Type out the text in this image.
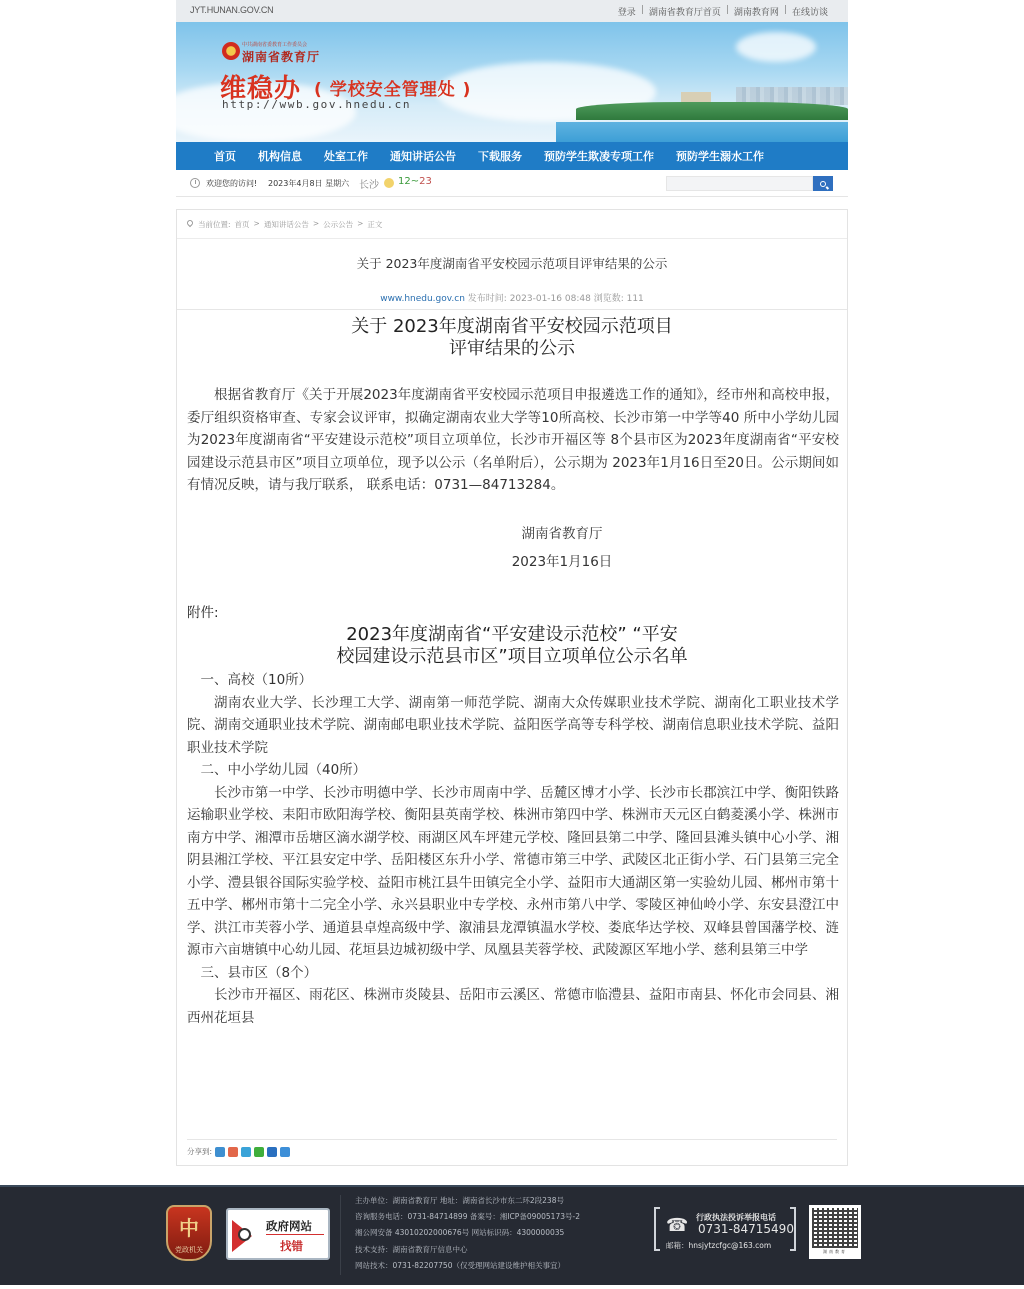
JYT.HUNAN.GOV.CN	登录 | 湖南省教育厅首页 | 湖南教育网 | 在线访谈
中共湖南省委教育工作委员会
湖南省教育厅
维稳办 ( 学校安全管理处 )
http://wwb.gov.hnedu.cn
首页 机构信息 处室工作 通知讲话公告 下载服务 预防学生欺凌专项工作 预防学生溺水工作
欢迎您的访问! 2023年4月8日 星期六 长沙 12~23
当前位置: 首页 > 通知讲话公告 > 公示公告 > 正文
关于 2023年度湖南省平安校园示范项目评审结果的公示
www.hnedu.gov.cn 发布时间: 2023-01-16 08:48 浏览数: 111
关于 2023年度湖南省平安校园示范项目
评审结果的公示

根据省教育厅《关于开展2023年度湖南省平安校园示范项目申报遴选工作的通知》，经市州和高校申报，委厅组织资格审查、专家会议评审，拟确定湖南农业大学等10所高校、长沙市第一中学等40 所中小学幼儿园为2023年度湖南省“平安建设示范校”项目立项单位，长沙市开福区等 8个县市区为2023年度湖南省“平安校园建设示范县市区”项目立项单位，现予以公示（名单附后），公示期为 2023年1月16日至20日。公示期间如有情况反映，请与我厅联系， 联系电话：0731—84713284。

湖南省教育厅
2023年1月16日
附件:
2023年度湖南省“平安建设示范校” “平安
校园建设示范县市区”项目立项单位公示名单
一、高校（10所）

湖南农业大学、长沙理工大学、湖南第一师范学院、湖南大众传媒职业技术学院、湖南化工职业技术学院、湖南交通职业技术学院、湖南邮电职业技术学院、益阳医学高等专科学校、湖南信息职业技术学院、益阳职业技术学院

二、中小学幼儿园（40所）

长沙市第一中学、长沙市明德中学、长沙市周南中学、岳麓区博才小学、长沙市长郡滨江中学、衡阳铁路运输职业学校、耒阳市欧阳海学校、衡阳县英南学校、株洲市第四中学、株洲市天元区白鹤菱溪小学、株洲市南方中学、湘潭市岳塘区滴水湖学校、雨湖区风车坪建元学校、隆回县第二中学、隆回县滩头镇中心小学、湘阴县湘江学校、平江县安定中学、岳阳楼区东升小学、常德市第三中学、武陵区北正街小学、石门县第三完全小学、澧县银谷国际实验学校、益阳市桃江县牛田镇完全小学、益阳市大通湖区第一实验幼儿园、郴州市第十五中学、郴州市第十二完全小学、永兴县职业中专学校、永州市第八中学、零陵区神仙岭小学、东安县澄江中学、洪江市芙蓉小学、通道县卓煌高级中学、溆浦县龙潭镇温水学校、娄底华达学校、双峰县曾国藩学校、涟源市六亩塘镇中心幼儿园、花垣县边城初级中学、凤凰县芙蓉学校、武陵源区军地小学、慈利县第三中学

三、县市区（8个）

长沙市开福区、雨花区、株洲市炎陵县、岳阳市云溪区、常德市临澧县、益阳市南县、怀化市会同县、湘西州花垣县

分享到:
中
党政机关
政府网站
找错
主办单位：湖南省教育厅 地址：湖南省长沙市东二环2段238号
咨询服务电话：0731-84714899 备案号：湘ICP备09005173号-2
湘公网安备 43010202000676号 网站标识码：4300000035
技术支持：湖南省教育厅信息中心
网站技术：0731-82207750（仅受理网站建设维护相关事宜）
☎ 行政执法投诉举报电话
0731-84715490
邮箱：hnsjytzcfgc@163.com
湖南教育
